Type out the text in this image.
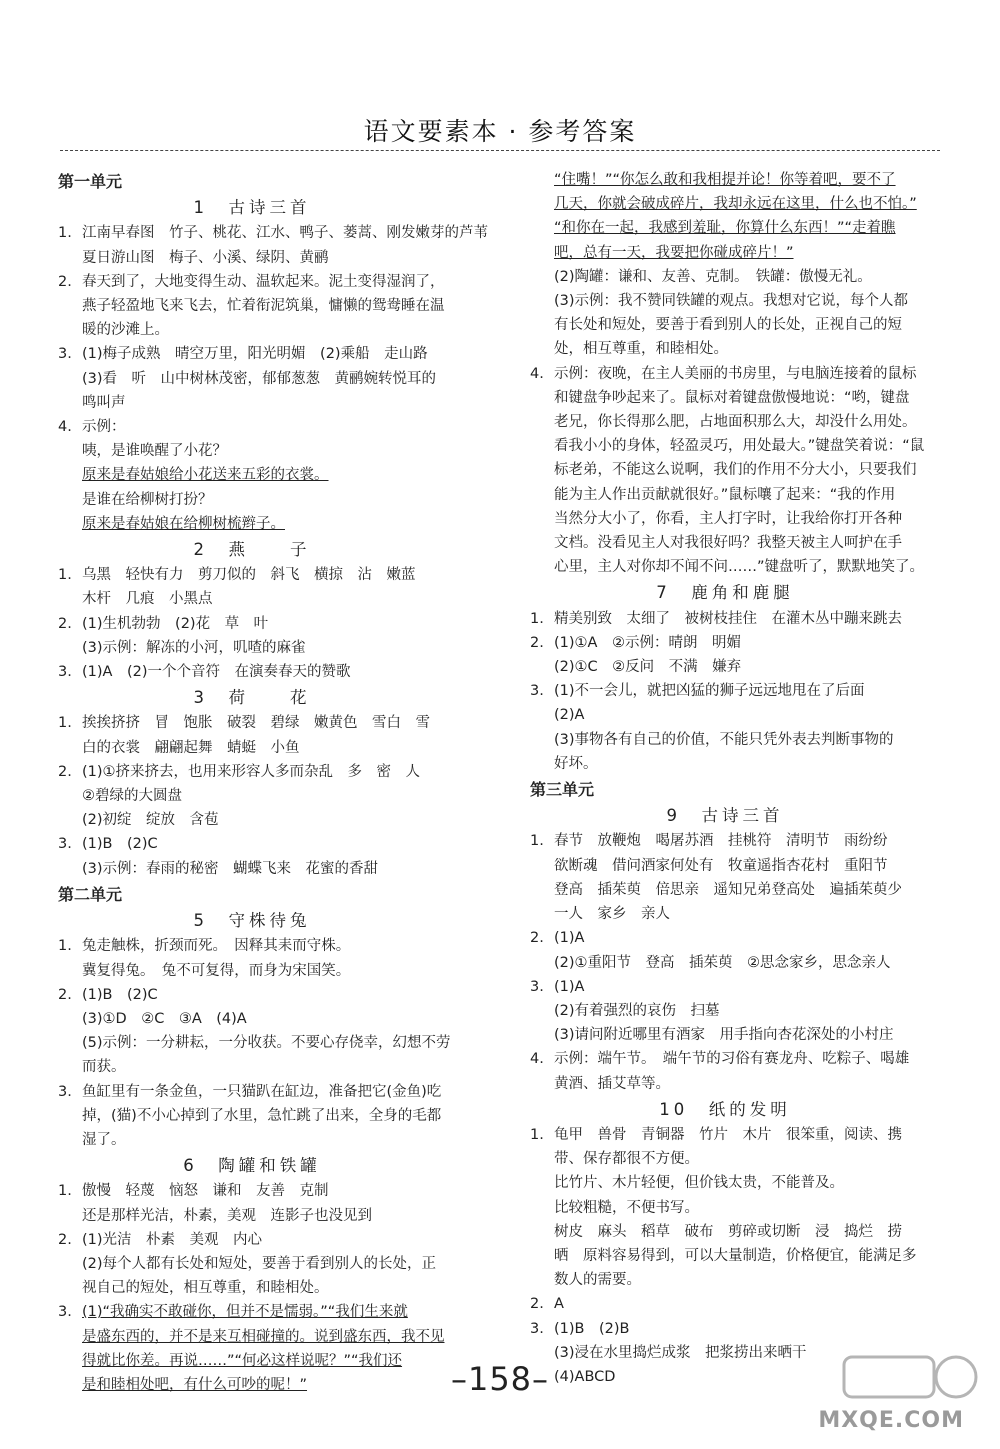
语文要素本 · 参考答案
第一单元
1　古诗三首
1. 江南早春图　竹子、桃花、江水、鸭子、蒌蒿、刚发嫩芽的芦苇
夏日游山图　梅子、小溪、绿阴、黄鹂
2. 春天到了，大地变得生动、温软起来。泥土变得湿润了，
燕子轻盈地飞来飞去，忙着衔泥筑巢，慵懒的鸳鸯睡在温
暖的沙滩上。
3. (1)梅子成熟　晴空万里，阳光明媚　(2)乘船　走山路
(3)看　听　山中树林茂密，郁郁葱葱　黄鹂婉转悦耳的
鸣叫声
4. 示例：
咦，是谁唤醒了小花？
原来是春姑娘给小花送来五彩的衣裳。
是谁在给柳树打扮？
原来是春姑娘在给柳树梳辫子。
2　燕　　子
1. 乌黑　轻快有力　剪刀似的　斜飞　横掠　沾　嫩蓝
木杆　几痕　小黑点
2. (1)生机勃勃　(2)花　草　叶
(3)示例：解冻的小河，叽喳的麻雀
3. (1)A　(2)一个个音符　在演奏春天的赞歌
3　荷　　花
1. 挨挨挤挤　冒　饱胀　破裂　碧绿　嫩黄色　雪白　雪
白的衣裳　翩翩起舞　蜻蜓　小鱼
2. (1)①挤来挤去，也用来形容人多而杂乱　多　密　人
②碧绿的大圆盘
(2)初绽　绽放　含苞
3. (1)B　(2)C
(3)示例：春雨的秘密　蝴蝶飞来　花蜜的香甜
第二单元
5　守株待兔
1. 兔走触株，折颈而死。　因释其耒而守株。
冀复得兔。　兔不可复得，而身为宋国笑。
2. (1)B　(2)C
(3)①D　②C　③A　(4)A
(5)示例：一分耕耘，一分收获。不要心存侥幸，幻想不劳
而获。
3. 鱼缸里有一条金鱼，一只猫趴在缸边，准备把它(金鱼)吃
掉，(猫)不小心掉到了水里，急忙跳了出来，全身的毛都
湿了。
6　陶罐和铁罐
1. 傲慢　轻蔑　恼怒　谦和　友善　克制
还是那样光洁，朴素，美观　连影子也没见到
2. (1)光洁　朴素　美观　内心
(2)每个人都有长处和短处，要善于看到别人的长处，正
视自己的短处，相互尊重，和睦相处。
3. (1)“我确实不敢碰你，但并不是懦弱。”“我们生来就
是盛东西的，并不是来互相碰撞的。说到盛东西，我不见
得就比你差。再说……”“何必这样说呢？”“我们还
是和睦相处吧，有什么可吵的呢！”
“住嘴！”“你怎么敢和我相提并论！你等着吧，要不了
几天，你就会破成碎片，我却永远在这里，什么也不怕。”
“和你在一起，我感到羞耻，你算什么东西！”“走着瞧
吧，总有一天，我要把你碰成碎片！”
(2)陶罐：谦和、友善、克制。　铁罐：傲慢无礼。
(3)示例：我不赞同铁罐的观点。我想对它说，每个人都
有长处和短处，要善于看到别人的长处，正视自己的短
处，相互尊重，和睦相处。
4. 示例：夜晚，在主人美丽的书房里，与电脑连接着的鼠标
和键盘争吵起来了。鼠标对着键盘傲慢地说：“哟，键盘
老兄，你长得那么肥，占地面积那么大，却没什么用处。
看我小小的身体，轻盈灵巧，用处最大。”键盘笑着说：“鼠
标老弟，不能这么说啊，我们的作用不分大小，只要我们
能为主人作出贡献就很好。”鼠标嚷了起来：“我的作用
当然分大小了，你看，主人打字时，让我给你打开各种
文档。没看见主人对我很好吗？我整天被主人呵护在手
心里，主人对你却不闻不问……”键盘听了，默默地笑了。
7　鹿角和鹿腿
1. 精美别致　太细了　被树枝挂住　在灌木丛中蹦来跳去
2. (1)①A　②示例：晴朗　明媚
(2)①C　②反问　不满　嫌弃
3. (1)不一会儿，就把凶猛的狮子远远地甩在了后面
(2)A
(3)事物各有自己的价值，不能只凭外表去判断事物的
好坏。
第三单元
9　古诗三首
1. 春节　放鞭炮　喝屠苏酒　挂桃符　清明节　雨纷纷
欲断魂　借问酒家何处有　牧童遥指杏花村　重阳节
登高　插茱萸　倍思亲　遥知兄弟登高处　遍插茱萸少
一人　家乡　亲人
2. (1)A
(2)①重阳节　登高　插茱萸　②思念家乡，思念亲人
3. (1)A
(2)有着强烈的哀伤　扫墓
(3)请问附近哪里有酒家　用手指向杏花深处的小村庄
4. 示例：端午节。　端午节的习俗有赛龙舟、吃粽子、喝雄
黄酒、插艾草等。
10　纸的发明
1. 龟甲　兽骨　青铜器　竹片　木片　很笨重，阅读、携
带、保存都很不方便。
比竹片、木片轻便，但价钱太贵，不能普及。
比较粗糙，不便书写。
树皮　麻头　稻草　破布　剪碎或切断　浸　捣烂　捞
晒　原料容易得到，可以大量制造，价格便宜，能满足多
数人的需要。
2. A
3. (1)B　(2)B
(3)浸在水里捣烂成浆　把浆捞出来晒干
(4)ABCD
–158–
MXQE.COM
